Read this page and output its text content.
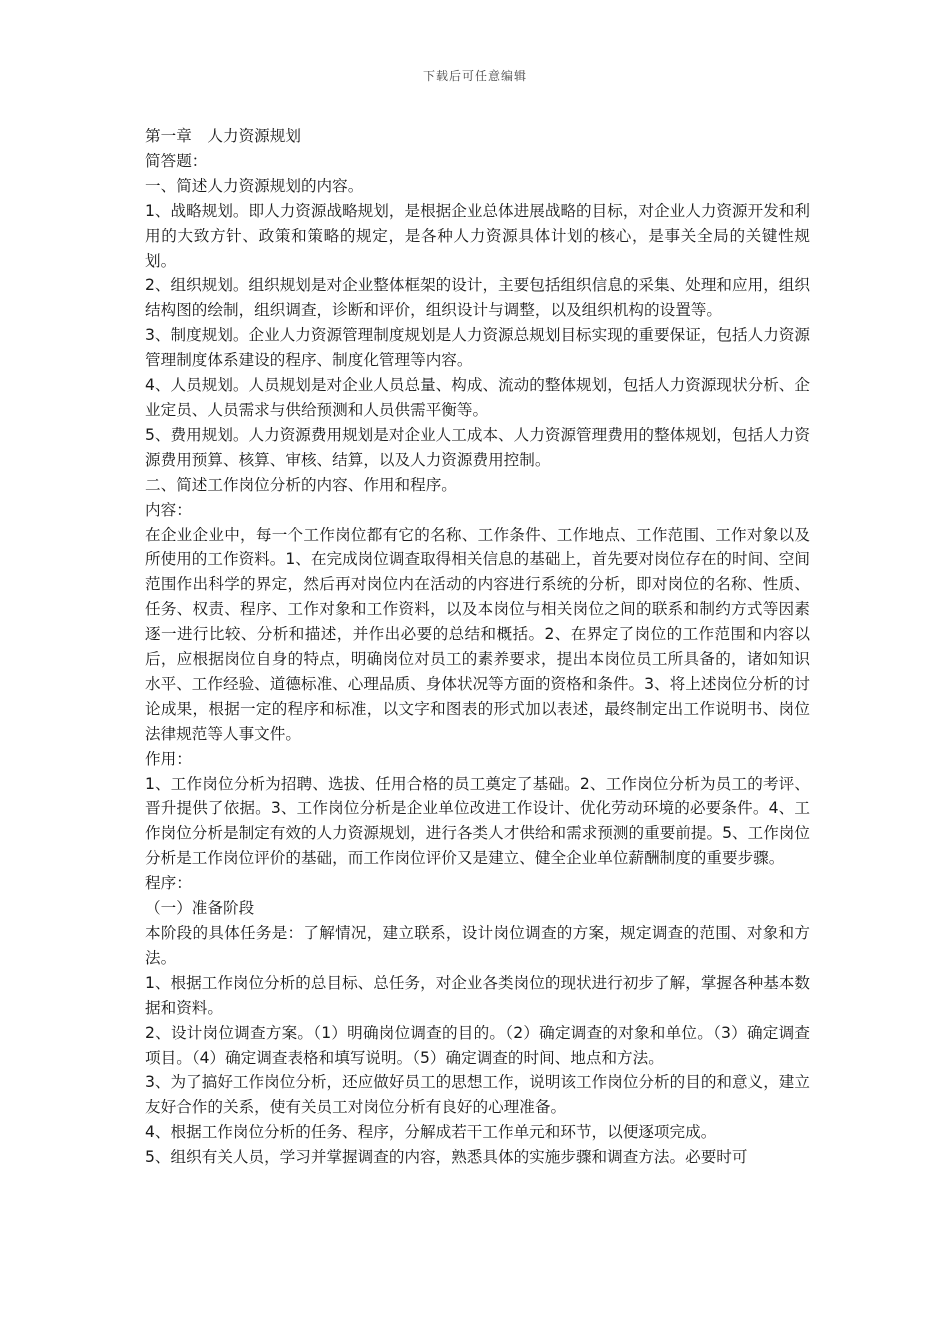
下载后可任意编辑

第一章　人力资源规划

简答题：

一、简述人力资源规划的内容。

1、战略规划。即人力资源战略规划，是根据企业总体进展战略的目标，对企业人力资源开发和利用的大致方针、政策和策略的规定，是各种人力资源具体计划的核心，是事关全局的关键性规划。

2、组织规划。组织规划是对企业整体框架的设计，主要包括组织信息的采集、处理和应用，组织结构图的绘制，组织调查，诊断和评价，组织设计与调整，以及组织机构的设置等。

3、制度规划。企业人力资源管理制度规划是人力资源总规划目标实现的重要保证，包括人力资源管理制度体系建设的程序、制度化管理等内容。

4、人员规划。人员规划是对企业人员总量、构成、流动的整体规划，包括人力资源现状分析、企业定员、人员需求与供给预测和人员供需平衡等。

5、费用规划。人力资源费用规划是对企业人工成本、人力资源管理费用的整体规划，包括人力资源费用预算、核算、审核、结算，以及人力资源费用控制。

二、简述工作岗位分析的内容、作用和程序。

内容：

在企业企业中，每一个工作岗位都有它的名称、工作条件、工作地点、工作范围、工作对象以及所使用的工作资料。1、在完成岗位调查取得相关信息的基础上，首先要对岗位存在的时间、空间范围作出科学的界定，然后再对岗位内在活动的内容进行系统的分析，即对岗位的名称、性质、任务、权责、程序、工作对象和工作资料，以及本岗位与相关岗位之间的联系和制约方式等因素逐一进行比较、分析和描述，并作出必要的总结和概括。2、在界定了岗位的工作范围和内容以后，应根据岗位自身的特点，明确岗位对员工的素养要求，提出本岗位员工所具备的，诸如知识水平、工作经验、道德标准、心理品质、身体状况等方面的资格和条件。3、将上述岗位分析的讨论成果，根据一定的程序和标准，以文字和图表的形式加以表述，最终制定出工作说明书、岗位法律规范等人事文件。

作用：

1、工作岗位分析为招聘、选拔、任用合格的员工奠定了基础。2、工作岗位分析为员工的考评、晋升提供了依据。3、工作岗位分析是企业单位改进工作设计、优化劳动环境的必要条件。4、工作岗位分析是制定有效的人力资源规划，进行各类人才供给和需求预测的重要前提。5、工作岗位分析是工作岗位评价的基础，而工作岗位评价又是建立、健全企业单位薪酬制度的重要步骤。

程序：

（一）准备阶段

本阶段的具体任务是：了解情况，建立联系，设计岗位调查的方案，规定调查的范围、对象和方法。

1、根据工作岗位分析的总目标、总任务，对企业各类岗位的现状进行初步了解，掌握各种基本数据和资料。

2、设计岗位调查方案。（1）明确岗位调查的目的。（2）确定调查的对象和单位。（3）确定调查项目。（4）确定调查表格和填写说明。（5）确定调查的时间、地点和方法。

3、为了搞好工作岗位分析，还应做好员工的思想工作，说明该工作岗位分析的目的和意义，建立友好合作的关系，使有关员工对岗位分析有良好的心理准备。

4、根据工作岗位分析的任务、程序，分解成若干工作单元和环节，以便逐项完成。

5、组织有关人员，学习并掌握调查的内容，熟悉具体的实施步骤和调查方法。必要时可
